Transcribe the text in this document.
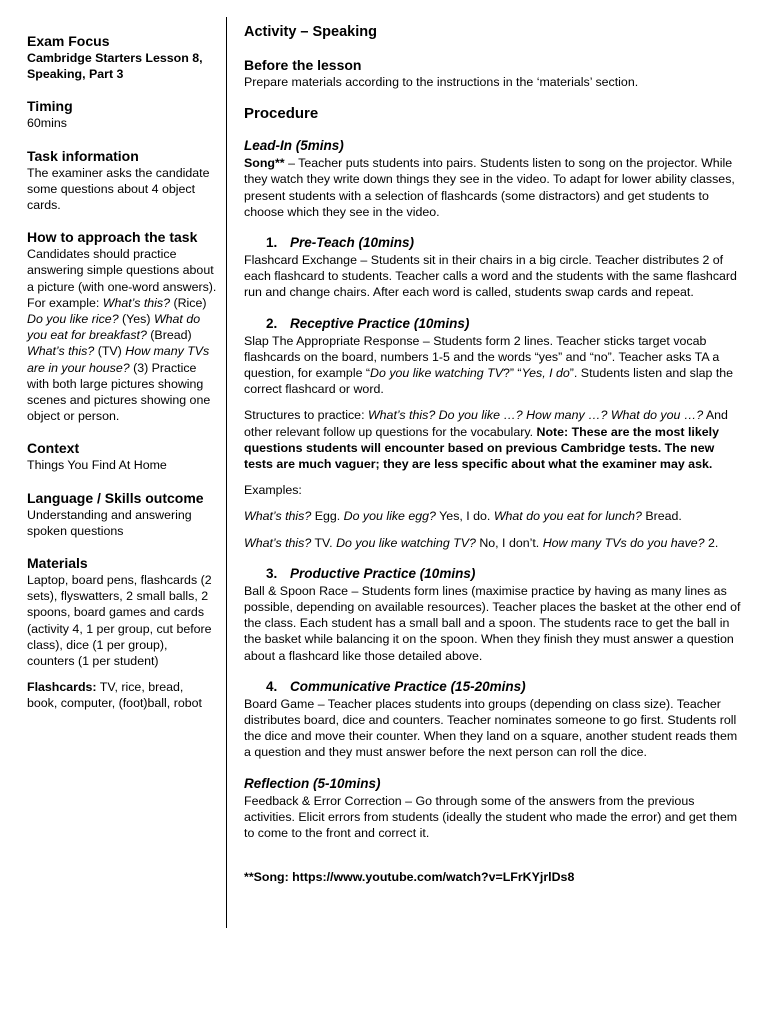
Exam Focus
Cambridge Starters Lesson 8, Speaking, Part 3
Timing
60mins
Task information
The examiner asks the candidate some questions about 4 object cards.
How to approach the task

Candidates should practice answering simple questions about a picture (with one-word answers). For example: What’s this? (Rice) Do you like rice? (Yes) What do you eat for breakfast? (Bread) What’s this? (TV) How many TVs are in your house? (3) Practice with both large pictures showing scenes and pictures showing one object or person.

Context
Things You Find At Home
Language / Skills outcome
Understanding and answering spoken questions
Materials
Laptop, board pens, flashcards (2 sets), flyswatters, 2 small balls, 2 spoons, board games and cards (activity 4, 1 per group, cut before class), dice (1 per group), counters (1 per student)

Flashcards: TV, rice, bread, book, computer, (foot)ball, robot

Activity – Speaking
Before the lesson

Prepare materials according to the instructions in the ‘materials’ section.

Procedure
Lead-In (5mins)

Song** – Teacher puts students into pairs. Students listen to song on the projector. While they watch they write down things they see in the video. To adapt for lower ability classes, present students with a selection of flashcards (some distractors) and get students to choose which they see in the video.

1. Pre-Teach (10mins)

Flashcard Exchange – Students sit in their chairs in a big circle. Teacher distributes 2 of each flashcard to students. Teacher calls a word and the students with the same flashcard run and change chairs. After each word is called, students swap cards and repeat.

2. Receptive Practice (10mins)

Slap The Appropriate Response – Students form 2 lines. Teacher sticks target vocab flashcards on the board, numbers 1-5 and the words “yes” and “no”. Teacher asks TA a question, for example “Do you like watching TV?” “Yes, I do”. Students listen and slap the correct flashcard or word.

Structures to practice: What’s this? Do you like …? How many …? What do you …? And other relevant follow up questions for the vocabulary. Note: These are the most likely questions students will encounter based on previous Cambridge tests. The new tests are much vaguer; they are less specific about what the examiner may ask.

Examples:

What’s this? Egg. Do you like egg? Yes, I do. What do you eat for lunch? Bread.

What’s this? TV. Do you like watching TV? No, I don’t. How many TVs do you have? 2.

3. Productive Practice (10mins)

Ball & Spoon Race – Students form lines (maximise practice by having as many lines as possible, depending on available resources). Teacher places the basket at the other end of the class. Each student has a small ball and a spoon. The students race to get the ball in the basket while balancing it on the spoon. When they finish they must answer a question about a flashcard like those detailed above.

4. Communicative Practice (15-20mins)

Board Game – Teacher places students into groups (depending on class size). Teacher distributes board, dice and counters. Teacher nominates someone to go first. Students roll the dice and move their counter. When they land on a square, another student reads them a question and they must answer before the next person can roll the dice.

Reflection (5-10mins)

Feedback & Error Correction – Go through some of the answers from the previous activities. Elicit errors from students (ideally the student who made the error) and get them to come to the front and correct it.

**Song: https://www.youtube.com/watch?v=LFrKYjrlDs8
